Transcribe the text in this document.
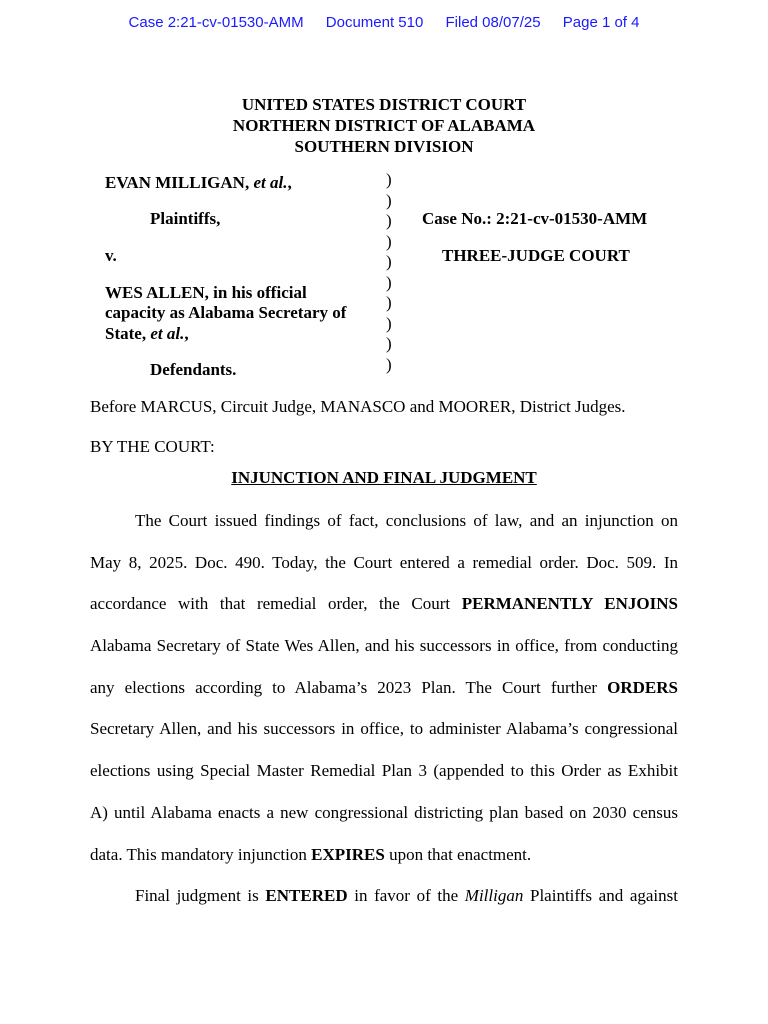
Case 2:21-cv-01530-AMM Document 510 Filed 08/07/25 Page 1 of 4
UNITED STATES DISTRICT COURT
NORTHERN DISTRICT OF ALABAMA
SOUTHERN DIVISION
EVAN MILLIGAN, et al.,
Plaintiffs,
v.
WES ALLEN, in his official
capacity as Alabama Secretary of
State, et al.,
Defendants.
)
)
)
)
)
)
)
)
)
)
Case No.: 2:21-cv-01530-AMM
THREE-JUDGE COURT
Before MARCUS, Circuit Judge, MANASCO and MOORER, District Judges.
BY THE COURT:
INJUNCTION AND FINAL JUDGMENT
The Court issued findings of fact, conclusions of law, and an injunction on
May 8, 2025. Doc. 490. Today, the Court entered a remedial order. Doc. 509. In
accordance with that remedial order, the Court PERMANENTLY ENJOINS
Alabama Secretary of State Wes Allen, and his successors in office, from conducting
any elections according to Alabama’s 2023 Plan. The Court further ORDERS
Secretary Allen, and his successors in office, to administer Alabama’s congressional
elections using Special Master Remedial Plan 3 (appended to this Order as Exhibit
A) until Alabama enacts a new congressional districting plan based on 2030 census
data. This mandatory injunction EXPIRES upon that enactment.
Final judgment is ENTERED in favor of the Milligan Plaintiffs and against
